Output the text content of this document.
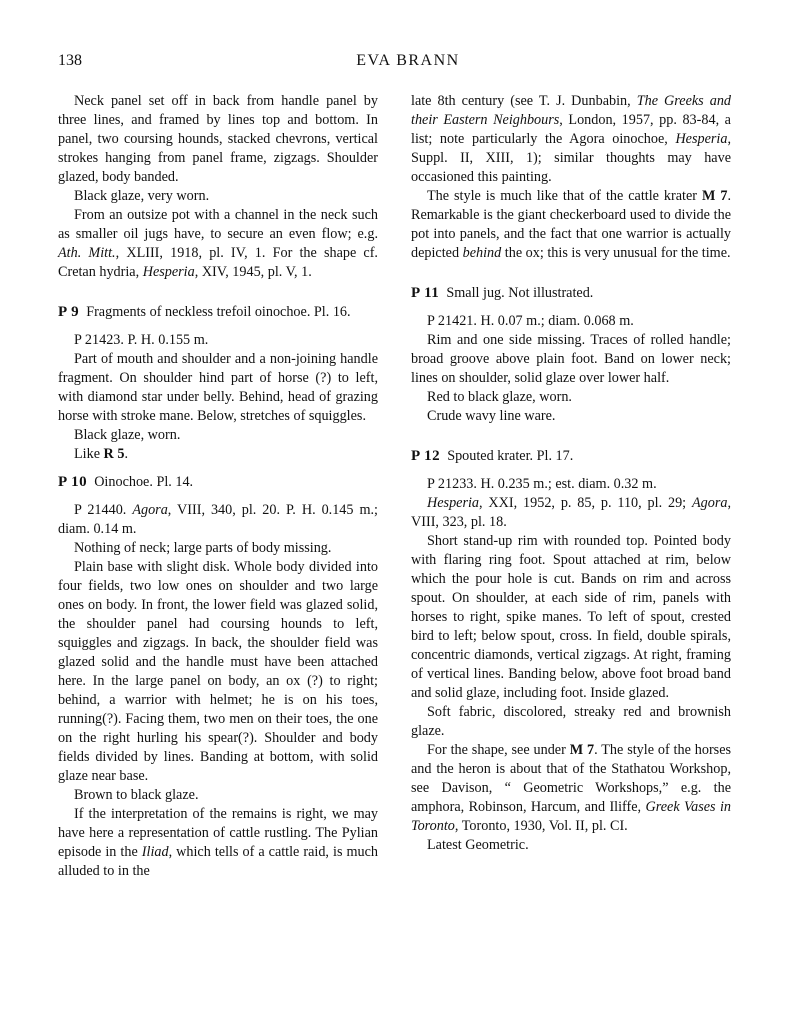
138	EVA BRANN

Neck panel set off in back from handle panel by three lines, and framed by lines top and bottom. In panel, two coursing hounds, stacked chevrons, vertical strokes hanging from panel frame, zigzags. Shoulder glazed, body banded.

Black glaze, very worn.

From an outsize pot with a channel in the neck such as smaller oil jugs have, to secure an even flow; e.g. Ath. Mitt., XLIII, 1918, pl. IV, 1. For the shape cf. Cretan hydria, Hesperia, XIV, 1945, pl. V, 1.

P 9 Fragments of neckless trefoil oinochoe. Pl. 16.

P 21423. P. H. 0.155 m.

Part of mouth and shoulder and a non-joining handle fragment. On shoulder hind part of horse (?) to left, with diamond star under belly. Behind, head of grazing horse with stroke mane. Below, stretches of squiggles.

Black glaze, worn.

Like R 5.

P 10 Oinochoe. Pl. 14.

P 21440. Agora, VIII, 340, pl. 20. P. H. 0.145 m.; diam. 0.14 m.

Nothing of neck; large parts of body missing.

Plain base with slight disk. Whole body divided into four fields, two low ones on shoulder and two large ones on body. In front, the lower field was glazed solid, the shoulder panel had coursing hounds to left, squiggles and zigzags. In back, the shoulder field was glazed solid and the handle must have been attached here. In the large panel on body, an ox (?) to right; behind, a warrior with helmet; he is on his toes, running(?). Facing them, two men on their toes, the one on the right hurling his spear(?). Shoulder and body fields divided by lines. Banding at bottom, with solid glaze near base.

Brown to black glaze.

If the interpretation of the remains is right, we may have here a representation of cattle rustling. The Pylian episode in the Iliad, which tells of a cattle raid, is much alluded to in the

late 8th century (see T. J. Dunbabin, The Greeks and their Eastern Neighbours, London, 1957, pp. 83-84, a list; note particularly the Agora oinochoe, Hesperia, Suppl. II, XIII, 1); similar thoughts may have occasioned this painting.

The style is much like that of the cattle krater M 7. Remarkable is the giant checkerboard used to divide the pot into panels, and the fact that one warrior is actually depicted behind the ox; this is very unusual for the time.

P 11 Small jug. Not illustrated.

P 21421. H. 0.07 m.; diam. 0.068 m.

Rim and one side missing. Traces of rolled handle; broad groove above plain foot. Band on lower neck; lines on shoulder, solid glaze over lower half.

Red to black glaze, worn.

Crude wavy line ware.

P 12 Spouted krater. Pl. 17.

P 21233. H. 0.235 m.; est. diam. 0.32 m.

Hesperia, XXI, 1952, p. 85, p. 110, pl. 29; Agora, VIII, 323, pl. 18.

Short stand-up rim with rounded top. Pointed body with flaring ring foot. Spout attached at rim, below which the pour hole is cut. Bands on rim and across spout. On shoulder, at each side of rim, panels with horses to right, spike manes. To left of spout, crested bird to left; below spout, cross. In field, double spirals, concentric diamonds, vertical zigzags. At right, framing of vertical lines. Banding below, above foot broad band and solid glaze, including foot. Inside glazed.

Soft fabric, discolored, streaky red and brownish glaze.

For the shape, see under M 7. The style of the horses and the heron is about that of the Stathatou Workshop, see Davison, “ Geometric Workshops,” e.g. the amphora, Robinson, Harcum, and Iliffe, Greek Vases in Toronto, Toronto, 1930, Vol. II, pl. CI.

Latest Geometric.
